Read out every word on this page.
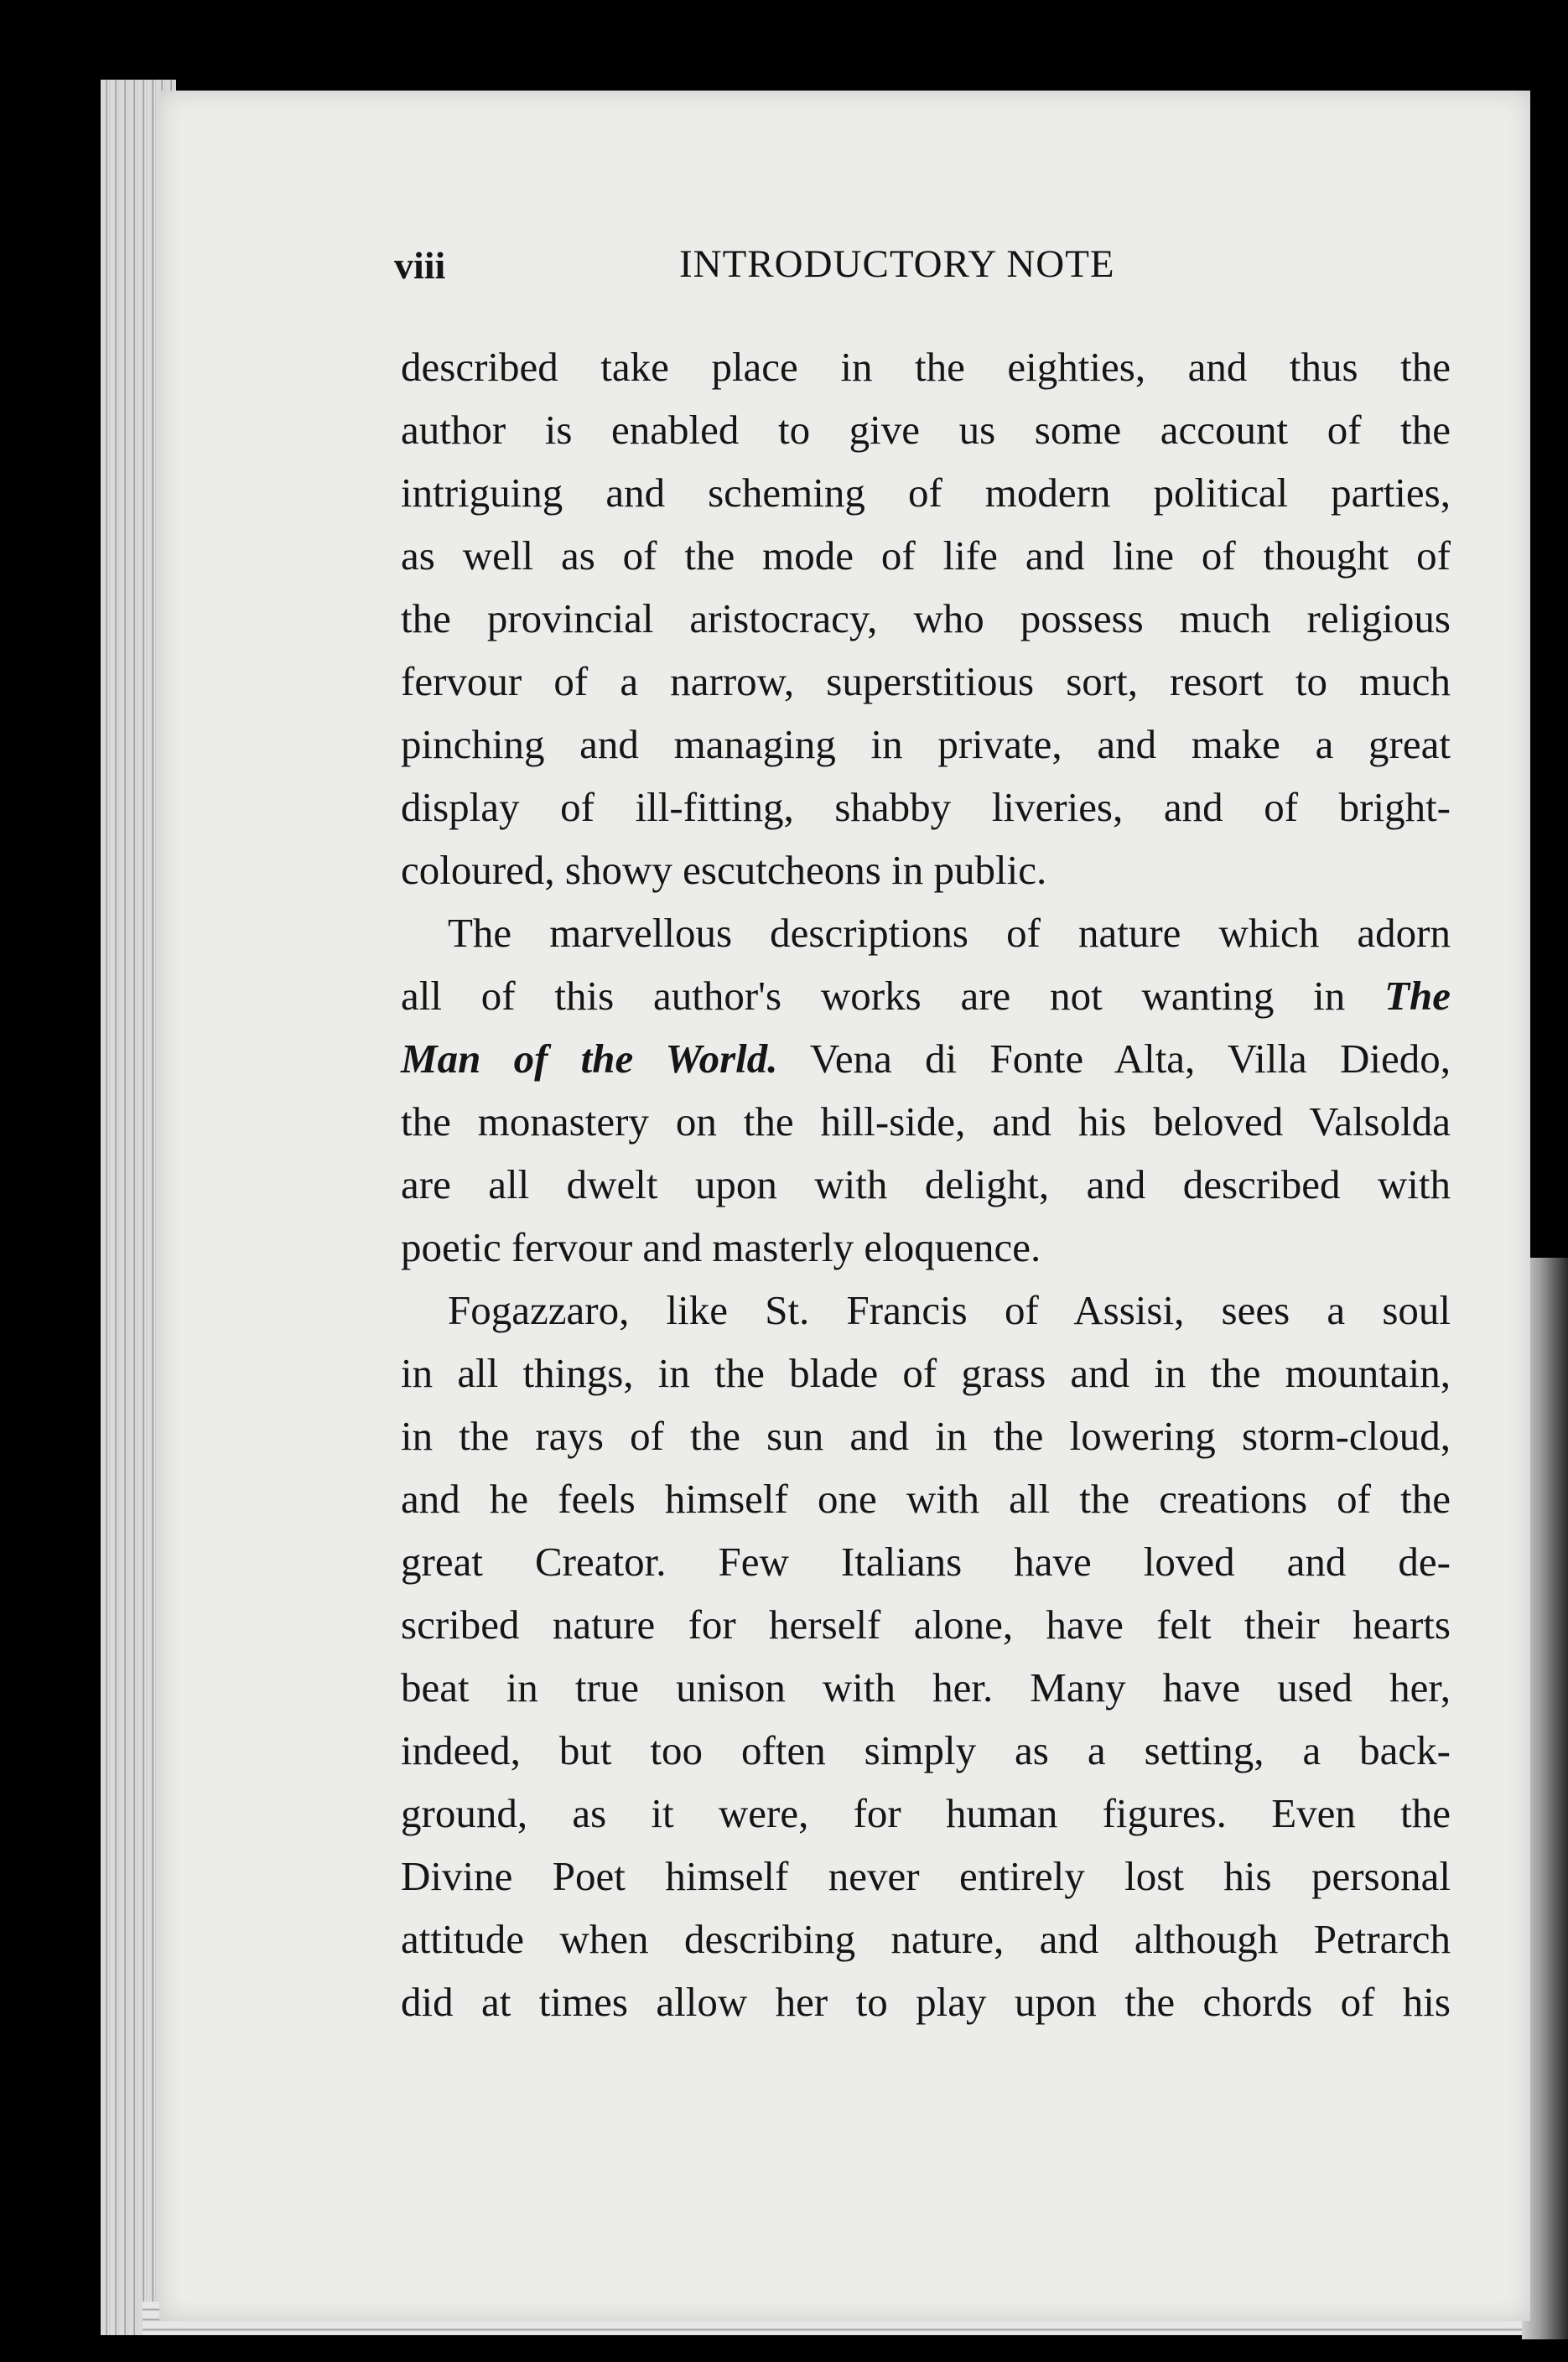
viii	INTRODUCTORY NOTE

described take place in the eighties, and thus the
author is enabled to give us some account of the
intriguing and scheming of modern political parties,
as well as of the mode of life and line of thought of
the provincial aristocracy, who possess much religious
fervour of a narrow, superstitious sort, resort to much
pinching and managing in private, and make a great
display of ill-fitting, shabby liveries, and of bright-
coloured, showy escutcheons in public.

The marvellous descriptions of nature which adorn
all of this author's works are not wanting in The
Man of the World. Vena di Fonte Alta, Villa Diedo,
the monastery on the hill-side, and his beloved Valsolda
are all dwelt upon with delight, and described with
poetic fervour and masterly eloquence.

Fogazzaro, like St. Francis of Assisi, sees a soul
in all things, in the blade of grass and in the mountain,
in the rays of the sun and in the lowering storm-cloud,
and he feels himself one with all the creations of the
great Creator. Few Italians have loved and de-
scribed nature for herself alone, have felt their hearts
beat in true unison with her. Many have used her,
indeed, but too often simply as a setting, a back-
ground, as it were, for human figures. Even the
Divine Poet himself never entirely lost his personal
attitude when describing nature, and although Petrarch
did at times allow her to play upon the chords of his
